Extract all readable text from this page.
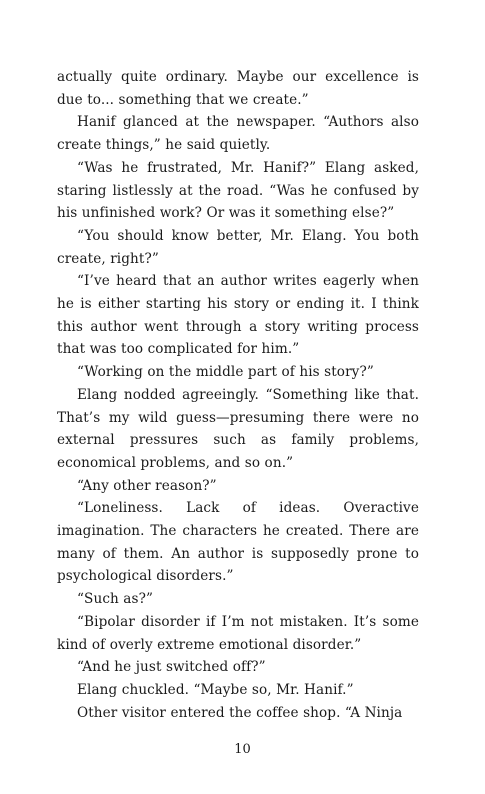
actually quite ordinary. Maybe our excellence is due to... something that we create.”

Hanif glanced at the newspaper. “Authors also create things,” he said quietly.

“Was he frustrated, Mr. Hanif?” Elang asked, staring listlessly at the road. “Was he confused by his unfinished work? Or was it something else?”

“You should know better, Mr. Elang. You both create, right?”

“I’ve heard that an author writes eagerly when he is either starting his story or ending it. I think this author went through a story writing process that was too complicated for him.”

“Working on the middle part of his story?”

Elang nodded agreeingly. “Something like that. That’s my wild guess—presuming there were no external pressures such as family problems, economical problems, and so on.”

“Any other reason?”

“Loneliness. Lack of ideas. Overactive imagination. The characters he created. There are many of them. An author is supposedly prone to psychological disorders.”

“Such as?”

“Bipolar disorder if I’m not mistaken. It’s some kind of overly extreme emotional disorder.”

“And he just switched off?”

Elang chuckled. “Maybe so, Mr. Hanif.”

Other visitor entered the coffee shop. “A Ninja

10
